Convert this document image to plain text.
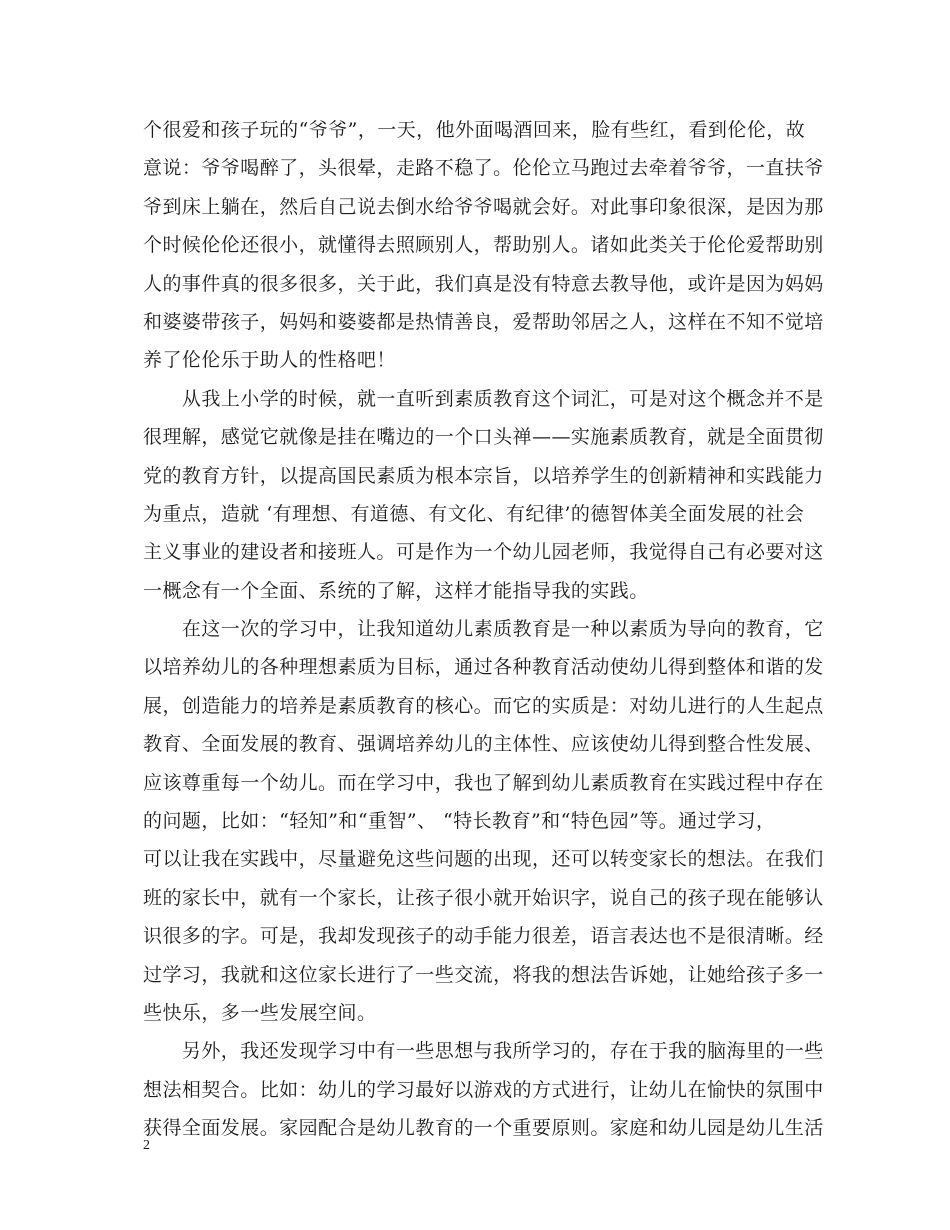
个很爱和孩子玩的“爷爷”，一天，他外面喝酒回来，脸有些红，看到伦伦，故
意说：爷爷喝醉了，头很晕，走路不稳了。伦伦立马跑过去牵着爷爷，一直扶爷
爷到床上躺在，然后自己说去倒水给爷爷喝就会好。对此事印象很深，是因为那
个时候伦伦还很小，就懂得去照顾别人，帮助别人。诸如此类关于伦伦爱帮助别
人的事件真的很多很多，关于此，我们真是没有特意去教导他，或许是因为妈妈
和婆婆带孩子，妈妈和婆婆都是热情善良，爱帮助邻居之人，这样在不知不觉培
养了伦伦乐于助人的性格吧！
　　从我上小学的时候，就一直听到素质教育这个词汇，可是对这个概念并不是
很理解，感觉它就像是挂在嘴边的一个口头禅——实施素质教育，就是全面贯彻
党的教育方针，以提高国民素质为根本宗旨，以培养学生的创新精神和实践能力
为重点，造就 ‘有理想、有道德、有文化、有纪律’的德智体美全面发展的社会
主义事业的建设者和接班人。可是作为一个幼儿园老师，我觉得自己有必要对这
一概念有一个全面、系统的了解，这样才能指导我的实践。
　　在这一次的学习中，让我知道幼儿素质教育是一种以素质为导向的教育，它
以培养幼儿的各种理想素质为目标，通过各种教育活动使幼儿得到整体和谐的发
展，创造能力的培养是素质教育的核心。而它的实质是：对幼儿进行的人生起点
教育、全面发展的教育、强调培养幼儿的主体性、应该使幼儿得到整合性发展、
应该尊重每一个幼儿。而在学习中，我也了解到幼儿素质教育在实践过程中存在
的问题，比如：“轻知”和“重智”、 “特长教育”和“特色园”等。通过学习，
可以让我在实践中，尽量避免这些问题的出现，还可以转变家长的想法。在我们
班的家长中，就有一个家长，让孩子很小就开始识字，说自己的孩子现在能够认
识很多的字。可是，我却发现孩子的动手能力很差，语言表达也不是很清晰。经
过学习，我就和这位家长进行了一些交流，将我的想法告诉她，让她给孩子多一
些快乐，多一些发展空间。
　　另外，我还发现学习中有一些思想与我所学习的，存在于我的脑海里的一些
想法相契合。比如：幼儿的学习最好以游戏的方式进行，让幼儿在愉快的氛围中
获得全面发展。家园配合是幼儿教育的一个重要原则。家庭和幼儿园是幼儿生活
2
